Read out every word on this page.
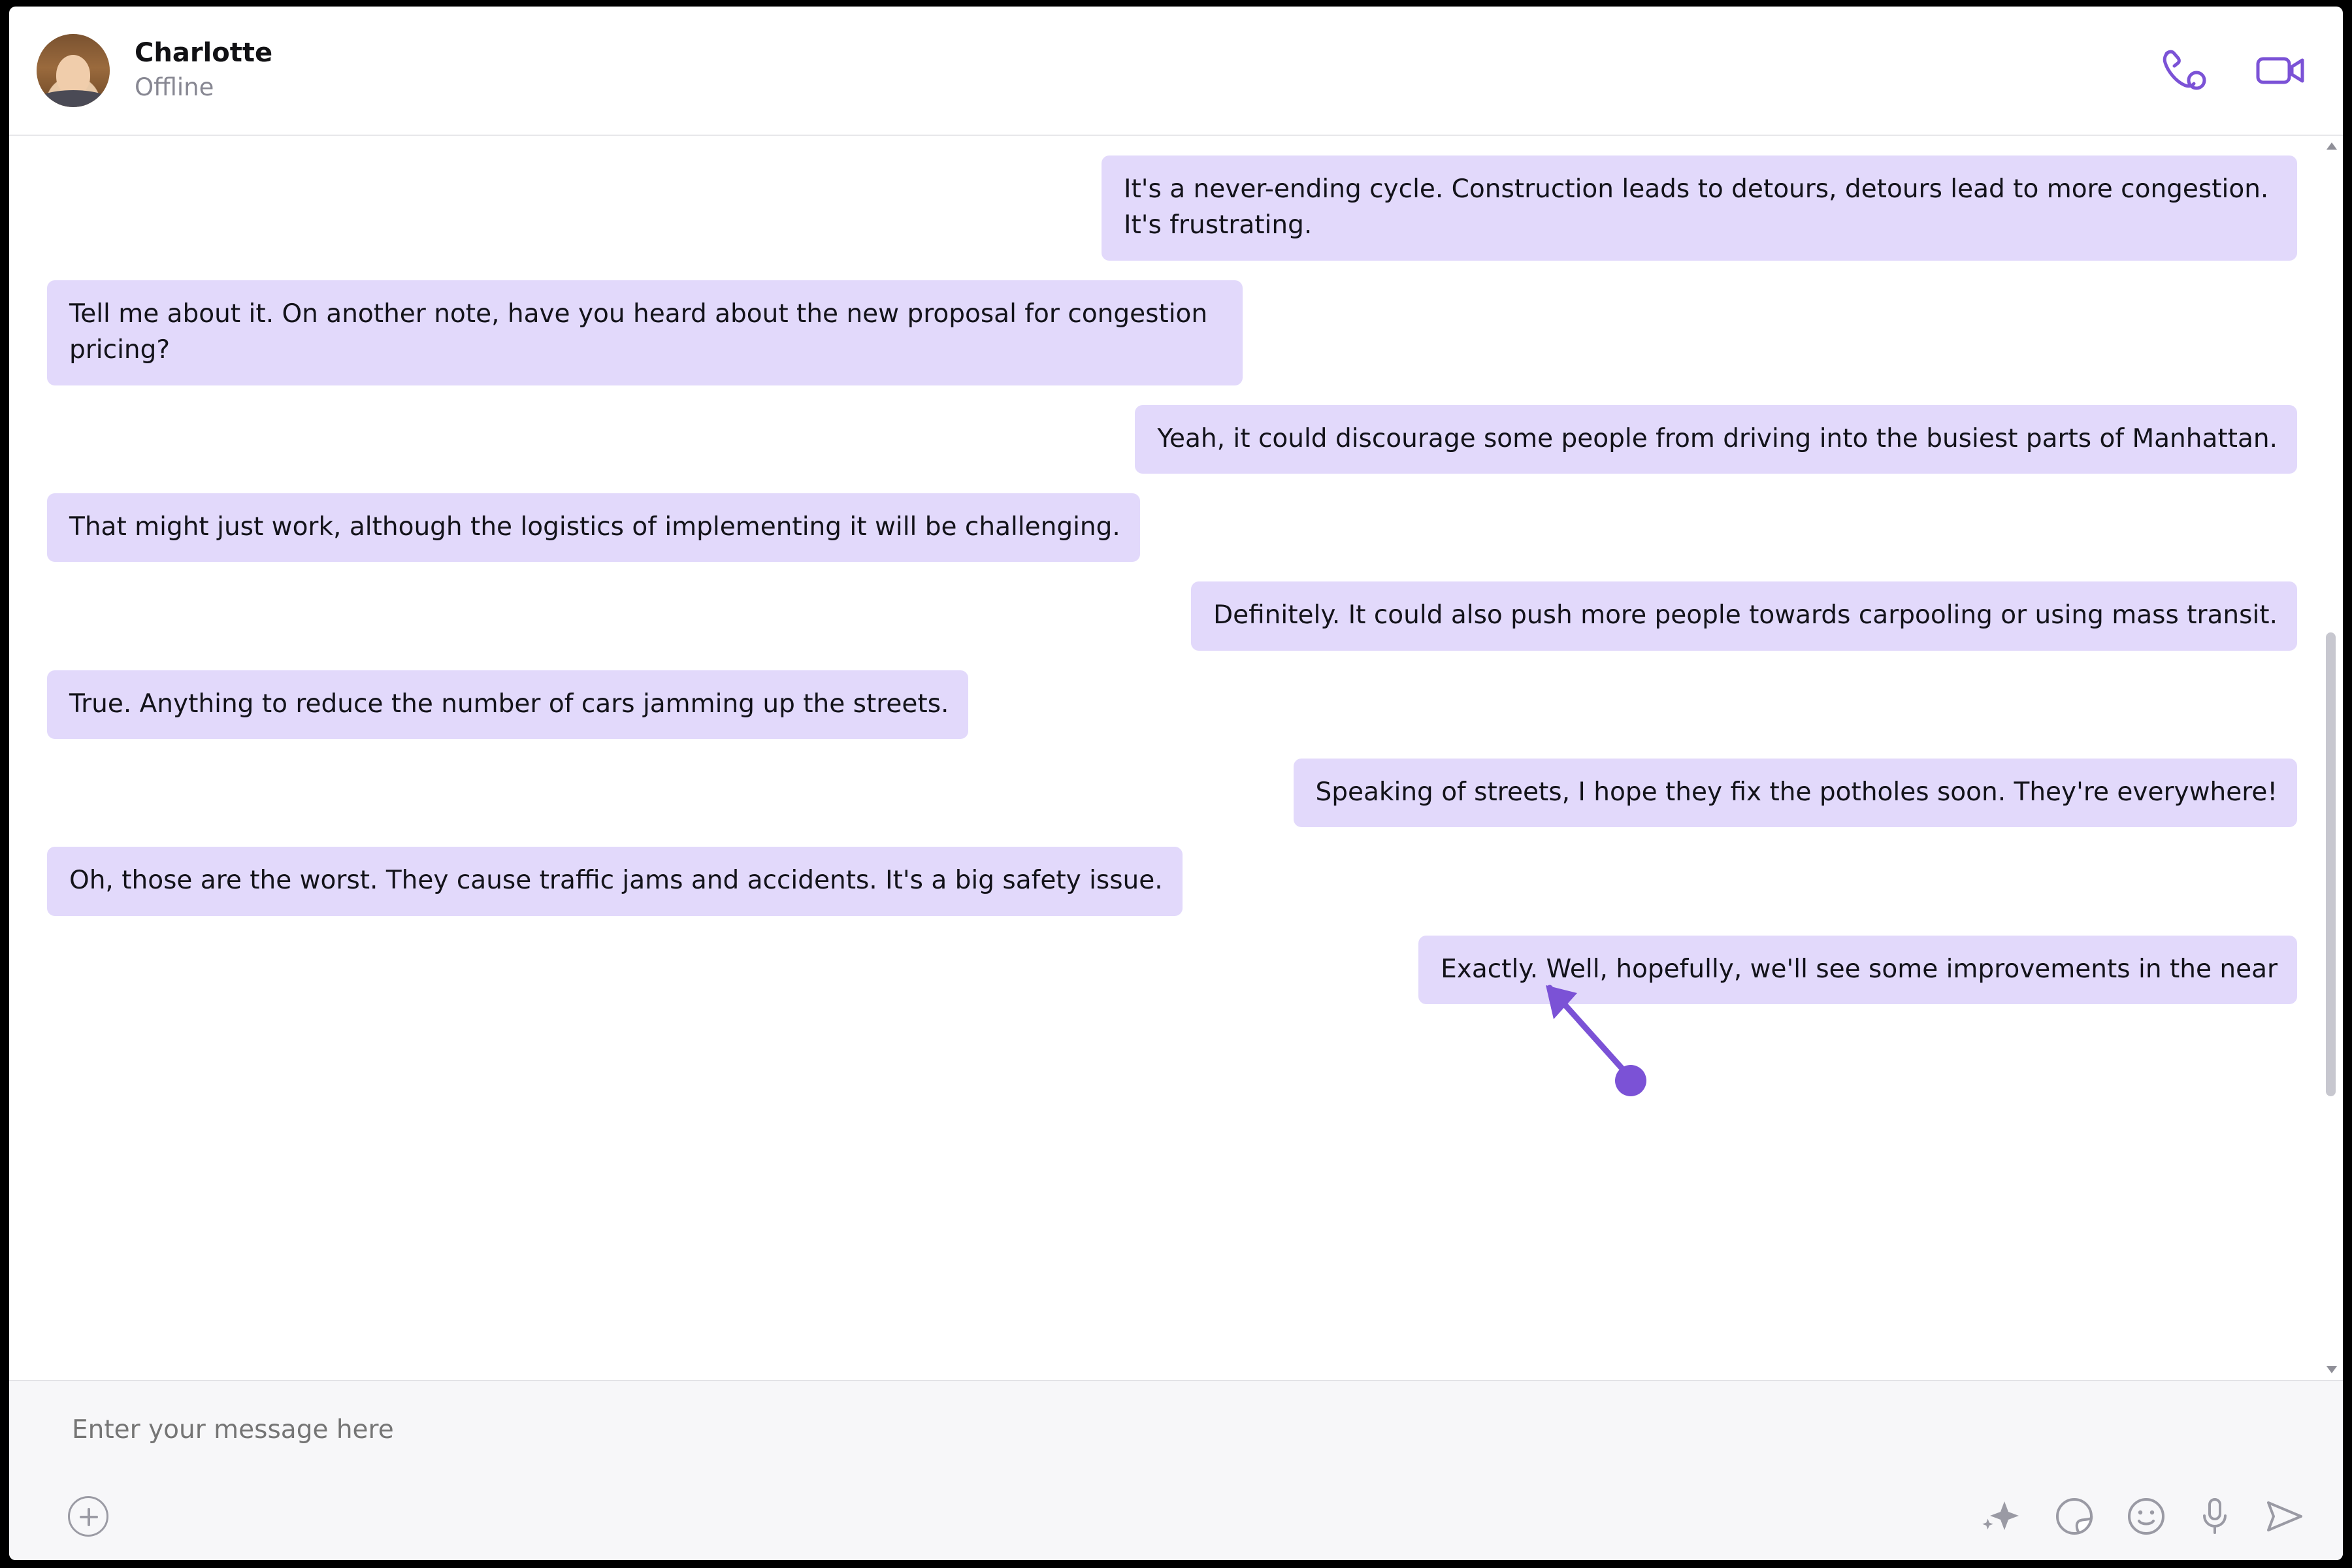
Charlotte
Offline
It's a never-ending cycle. Construction leads to detours, detours lead to more congestion. It's frustrating.
Tell me about it. On another note, have you heard about the new proposal for congestion pricing?
Yeah, it could discourage some people from driving into the busiest parts of Manhattan.
That might just work, although the logistics of implementing it will be challenging.
Definitely. It could also push more people towards carpooling or using mass transit.
True. Anything to reduce the number of cars jamming up the streets.
Speaking of streets, I hope they fix the potholes soon. They're everywhere!
Oh, those are the worst. They cause traffic jams and accidents. It's a big safety issue.
Exactly. Well, hopefully, we'll see some improvements in the near
Enter your message here
